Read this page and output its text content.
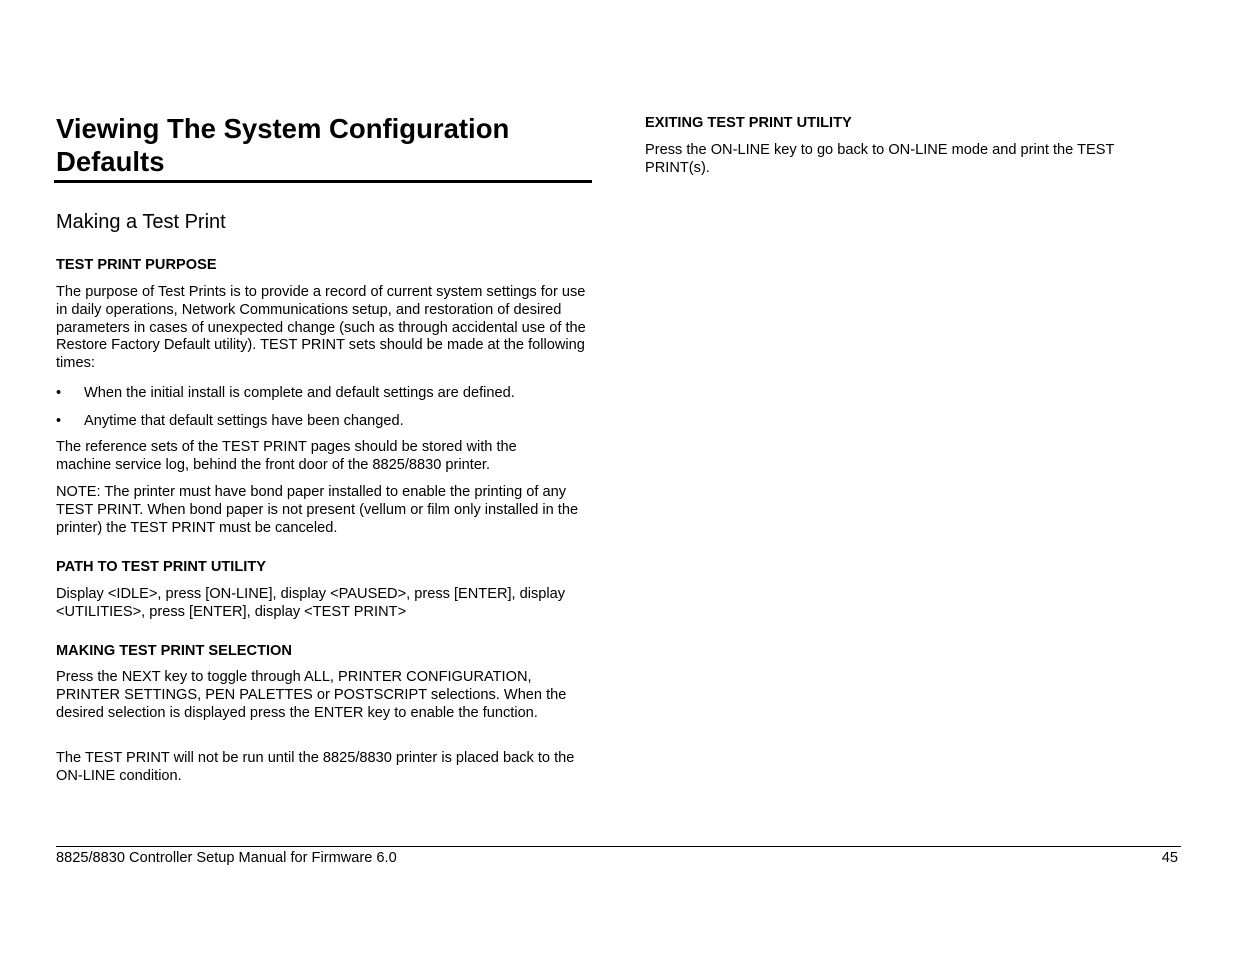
Viewing The System Configuration Defaults
Making a Test Print
TEST PRINT PURPOSE

The purpose of Test Prints is to provide a record of current system settings for use in daily operations, Network Communications setup, and restoration of desired parameters in cases of unexpected change (such as through accidental use of the Restore Factory Default utility). TEST PRINT sets should be made at the following times:

•	When the initial install is complete and default settings are defined.
•	Anytime that default settings have been changed.

The reference sets of the TEST PRINT pages should be stored with the machine service log, behind the front door of the 8825/8830 printer.

NOTE: The printer must have bond paper installed to enable the printing of any TEST PRINT. When bond paper is not present (vellum or film only installed in the printer) the TEST PRINT must be canceled.

PATH TO TEST PRINT UTILITY

Display <IDLE>, press [ON-LINE], display <PAUSED>, press [ENTER], display <UTILITIES>, press [ENTER], display <TEST PRINT>

MAKING TEST PRINT SELECTION

Press the NEXT key to toggle through ALL, PRINTER CONFIGURATION, PRINTER SETTINGS, PEN PALETTES or POSTSCRIPT selections. When the desired selection is displayed press the ENTER key to enable the function.

The TEST PRINT will not be run until the 8825/8830 printer is placed back to the ON-LINE condition.

EXITING TEST PRINT UTILITY

Press the ON-LINE key to go back to ON-LINE mode and print the TEST PRINT(s).

8825/8830 Controller Setup Manual for Firmware 6.0	45
